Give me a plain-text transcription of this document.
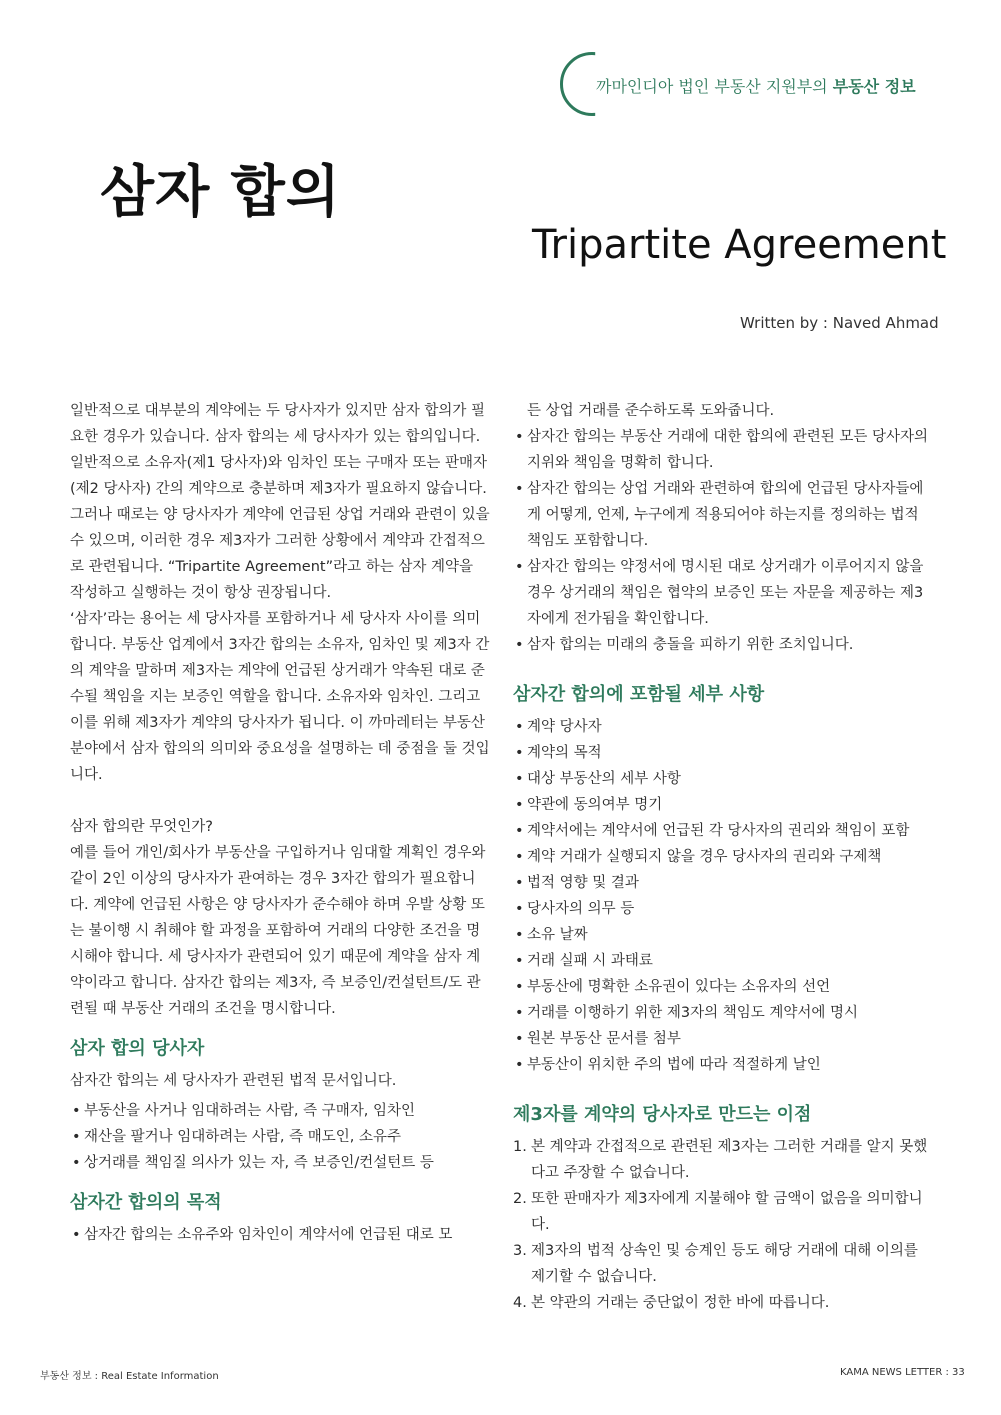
까마인디아 법인 부동산 지원부의 부동산 정보
삼자 합의
Tripartite Agreement
Written by : Naved Ahmad

일반적으로 대부분의 계약에는 두 당사자가 있지만 삼자 합의가 필요한 경우가 있습니다. 삼자 합의는 세 당사자가 있는 합의입니다.

일반적으로 소유자(제1 당사자)와 임차인 또는 구매자 또는 판매자(제2 당사자) 간의 계약으로 충분하며 제3자가 필요하지 않습니다. 그러나 때로는 양 당사자가 계약에 언급된 상업 거래와 관련이 있을 수 있으며, 이러한 경우 제3자가 그러한 상황에서 계약과 간접적으로 관련됩니다. “Tripartite Agreement”라고 하는 삼자 계약을 작성하고 실행하는 것이 항상 권장됩니다.

‘삼자’라는 용어는 세 당사자를 포함하거나 세 당사자 사이를 의미합니다. 부동산 업계에서 3자간 합의는 소유자, 임차인 및 제3자 간의 계약을 말하며 제3자는 계약에 언급된 상거래가 약속된 대로 준수될 책임을 지는 보증인 역할을 합니다. 소유자와 임차인. 그리고 이를 위해 제3자가 계약의 당사자가 됩니다. 이 까마레터는 부동산 분야에서 삼자 합의의 의미와 중요성을 설명하는 데 중점을 둘 것입니다.

삼자 합의란 무엇인가?

예를 들어 개인/회사가 부동산을 구입하거나 임대할 계획인 경우와 같이 2인 이상의 당사자가 관여하는 경우 3자간 합의가 필요합니다. 계약에 언급된 사항은 양 당사자가 준수해야 하며 우발 상황 또는 불이행 시 취해야 할 과정을 포함하여 거래의 다양한 조건을 명시해야 합니다. 세 당사자가 관련되어 있기 때문에 계약을 삼자 계약이라고 합니다. 삼자간 합의는 제3자, 즉 보증인/컨설턴트/도 관련될 때 부동산 거래의 조건을 명시합니다.

삼자 합의 당사자

삼자간 합의는 세 당사자가 관련된 법적 문서입니다.

• 부동산을 사거나 임대하려는 사람, 즉 구매자, 임차인
• 재산을 팔거나 임대하려는 사람, 즉 매도인, 소유주
• 상거래를 책임질 의사가 있는 자, 즉 보증인/컨설턴트 등
삼자간 합의의 목적
• 삼자간 합의는 소유주와 임차인이 계약서에 언급된 대로 모

든 상업 거래를 준수하도록 도와줍니다.

• 삼자간 합의는 부동산 거래에 대한 합의에 관련된 모든 당사자의 지위와 책임을 명확히 합니다.
• 삼자간 합의는 상업 거래와 관련하여 합의에 언급된 당사자들에게 어떻게, 언제, 누구에게 적용되어야 하는지를 정의하는 법적 책임도 포함합니다.
• 삼자간 합의는 약정서에 명시된 대로 상거래가 이루어지지 않을 경우 상거래의 책임은 협약의 보증인 또는 자문을 제공하는 제3자에게 전가됨을 확인합니다.
• 삼자 합의는 미래의 충돌을 피하기 위한 조치입니다.
삼자간 합의에 포함될 세부 사항
• 계약 당사자
• 계약의 목적
• 대상 부동산의 세부 사항
• 약관에 동의여부 명기
• 계약서에는 계약서에 언급된 각 당사자의 권리와 책임이 포함
• 계약 거래가 실행되지 않을 경우 당사자의 권리와 구제책
• 법적 영향 및 결과
• 당사자의 의무 등
• 소유 날짜
• 거래 실패 시 과태료
• 부동산에 명확한 소유권이 있다는 소유자의 선언
• 거래를 이행하기 위한 제3자의 책임도 계약서에 명시
• 원본 부동산 문서를 첨부
• 부동산이 위치한 주의 법에 따라 적절하게 날인
제3자를 계약의 당사자로 만드는 이점
1. 본 계약과 간접적으로 관련된 제3자는 그러한 거래를 알지 못했다고 주장할 수 없습니다.
2. 또한 판매자가 제3자에게 지불해야 할 금액이 없음을 의미합니다.
3. 제3자의 법적 상속인 및 승계인 등도 해당 거래에 대해 이의를 제기할 수 없습니다.
4. 본 약관의 거래는 중단없이 정한 바에 따릅니다.
부동산 정보 : Real Estate Information	KAMA NEWS LETTER : 33
